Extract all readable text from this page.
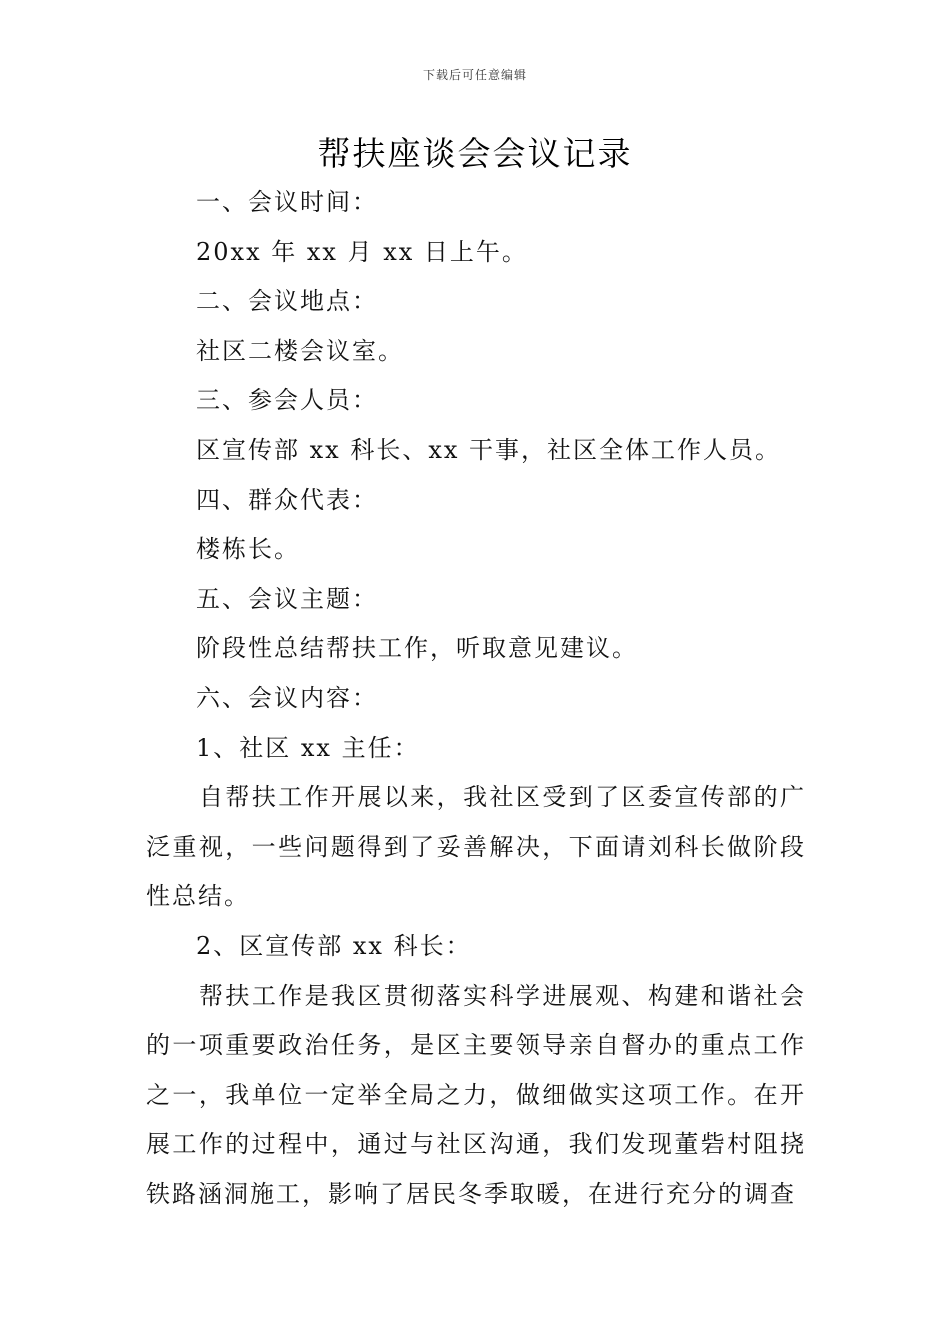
下载后可任意编辑
帮扶座谈会会议记录

一、会议时间：

20xx 年 xx 月 xx 日上午。

二、会议地点：

社区二楼会议室。

三、参会人员：

区宣传部 xx 科长、xx 干事，社区全体工作人员。

四、群众代表：

楼栋长。

五、会议主题：

阶段性总结帮扶工作，听取意见建议。

六、会议内容：

1、社区 xx 主任：

自帮扶工作开展以来，我社区受到了区委宣传部的广泛重视，一些问题得到了妥善解决，下面请刘科长做阶段性总结。

2、区宣传部 xx 科长：

帮扶工作是我区贯彻落实科学进展观、构建和谐社会的一项重要政治任务，是区主要领导亲自督办的重点工作之一，我单位一定举全局之力，做细做实这项工作。在开展工作的过程中，通过与社区沟通，我们发现董砦村阻挠铁路涵洞施工，影响了居民冬季取暖，在进行充分的调查
